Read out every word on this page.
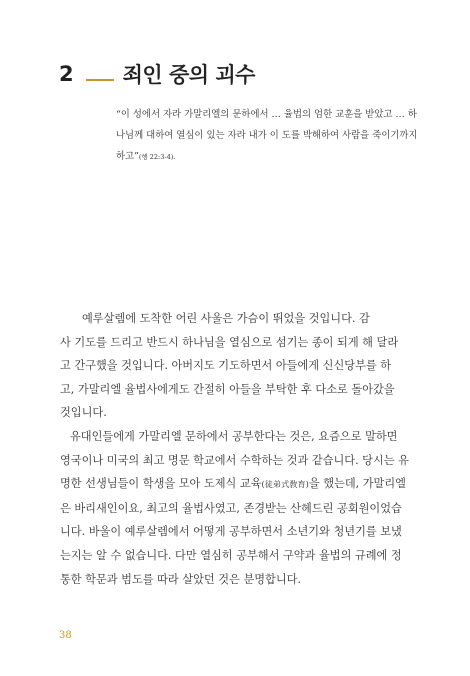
2 죄인 중의 괴수
“이 성에서 자라 가말리엘의 문하에서 … 율법의 엄한 교훈을 받았고 … 하
나님께 대하여 열심이 있는 자라 내가 이 도를 박해하여 사람을 죽이기까지
하고”(행 22:3-4).
예루살렘에 도착한 어린 사울은 가슴이 뛰었을 것입니다. 감
사 기도를 드리고 반드시 하나님을 열심으로 섬기는 종이 되게 해 달라
고 간구했을 것입니다. 아버지도 기도하면서 아들에게 신신당부를 하
고, 가말리엘 율법사에게도 간절히 아들을 부탁한 후 다소로 돌아갔을
것입니다.
유대인들에게 가말리엘 문하에서 공부한다는 것은, 요즘으로 말하면
영국이나 미국의 최고 명문 학교에서 수학하는 것과 같습니다. 당시는 유
명한 선생님들이 학생을 모아 도제식 교육(徒弟式敎育)을 했는데, 가말리엘
은 바리새인이요, 최고의 율법사였고, 존경받는 산헤드린 공회원이었습
니다. 바울이 예루살렘에서 어떻게 공부하면서 소년기와 청년기를 보냈
는지는 알 수 없습니다. 다만 열심히 공부해서 구약과 율법의 규례에 정
통한 학문과 범도를 따라 살았던 것은 분명합니다.
38
